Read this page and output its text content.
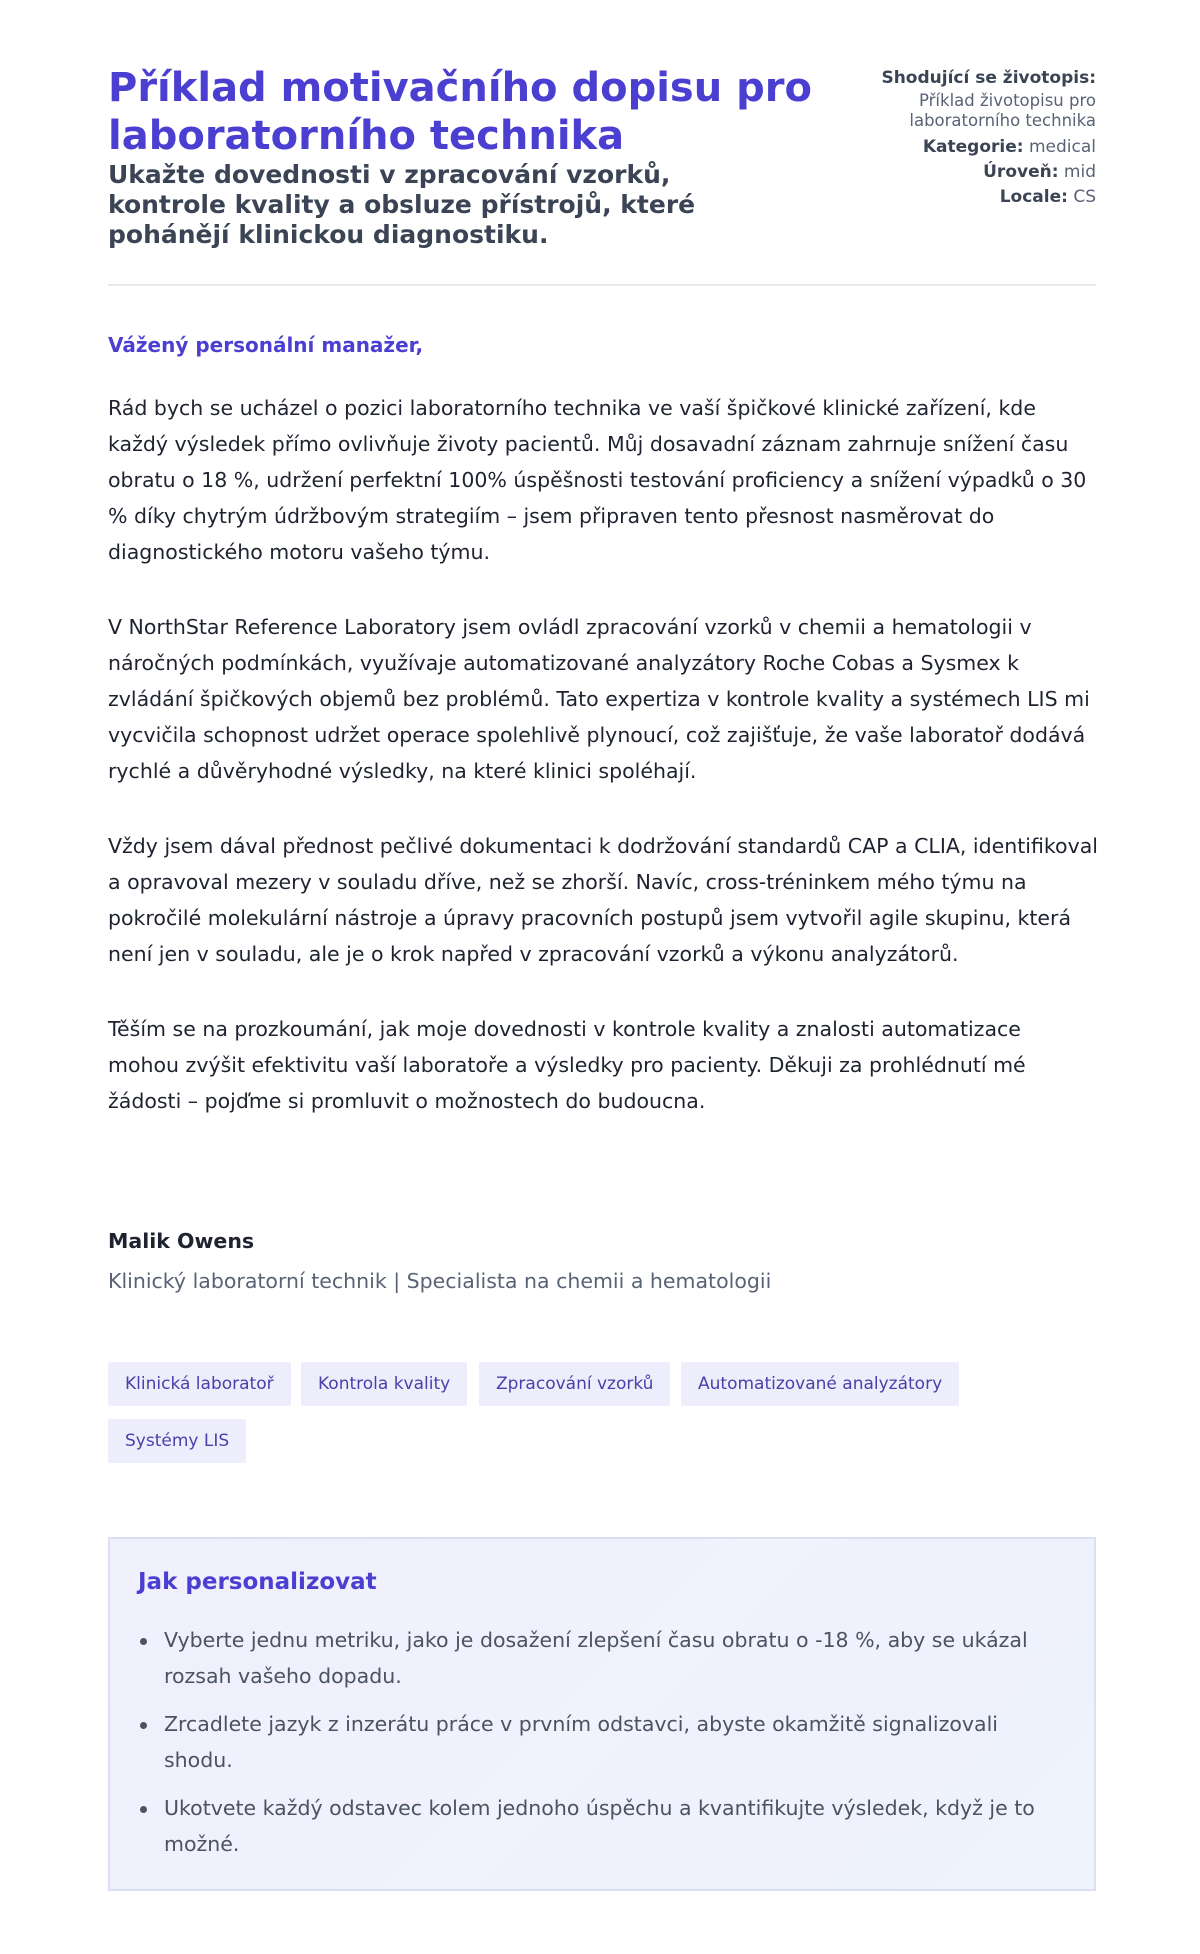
Příklad motivačního dopisu pro laboratorního technika
Ukažte dovednosti v zpracování vzorků, kontrole kvality a obsluze přístrojů, které pohánějí klinickou diagnostiku.
Shodující se životopis:
Příklad životopisu pro laboratorního technika
Kategorie: medical
Úroveň: mid
Locale: CS

Vážený personální manažer,

Rád bych se ucházel o pozici laboratorního technika ve vaší špičkové klinické zařízení, kde každý výsledek přímo ovlivňuje životy pacientů. Můj dosavadní záznam zahrnuje snížení času obratu o 18 %, udržení perfektní 100% úspěšnosti testování proficiency a snížení výpadků o 30 % díky chytrým údržbovým strategiím – jsem připraven tento přesnost nasměrovat do diagnostického motoru vašeho týmu.

V NorthStar Reference Laboratory jsem ovládl zpracování vzorků v chemii a hematologii v náročných podmínkách, využívaje automatizované analyzátory Roche Cobas a Sysmex k zvládání špičkových objemů bez problémů. Tato expertiza v kontrole kvality a systémech LIS mi vycvičila schopnost udržet operace spolehlivě plynoucí, což zajišťuje, že vaše laboratoř dodává rychlé a důvěryhodné výsledky, na které klinici spoléhají.

Vždy jsem dával přednost pečlivé dokumentaci k dodržování standardů CAP a CLIA, identifikoval a opravoval mezery v souladu dříve, než se zhorší. Navíc, cross-tréninkem mého týmu na pokročilé molekulární nástroje a úpravy pracovních postupů jsem vytvořil agile skupinu, která není jen v souladu, ale je o krok napřed v zpracování vzorků a výkonu analyzátorů.

Těším se na prozkoumání, jak moje dovednosti v kontrole kvality a znalosti automatizace mohou zvýšit efektivitu vaší laboratoře a výsledky pro pacienty. Děkuji za prohlédnutí mé žádosti – pojďme si promluvit o možnostech do budoucna.

Malik Owens

Klinický laboratorní technik | Specialista na chemii a hematologii

Klinická laboratoř	Kontrola kvality	Zpracování vzorků	Automatizované analyzátory
Systémy LIS
Jak personalizovat
Vyberte jednu metriku, jako je dosažení zlepšení času obratu o -18 %, aby se ukázal rozsah vašeho dopadu.
Zrcadlete jazyk z inzerátu práce v prvním odstavci, abyste okamžitě signalizovali shodu.
Ukotvete každý odstavec kolem jednoho úspěchu a kvantifikujte výsledek, když je to možné.
